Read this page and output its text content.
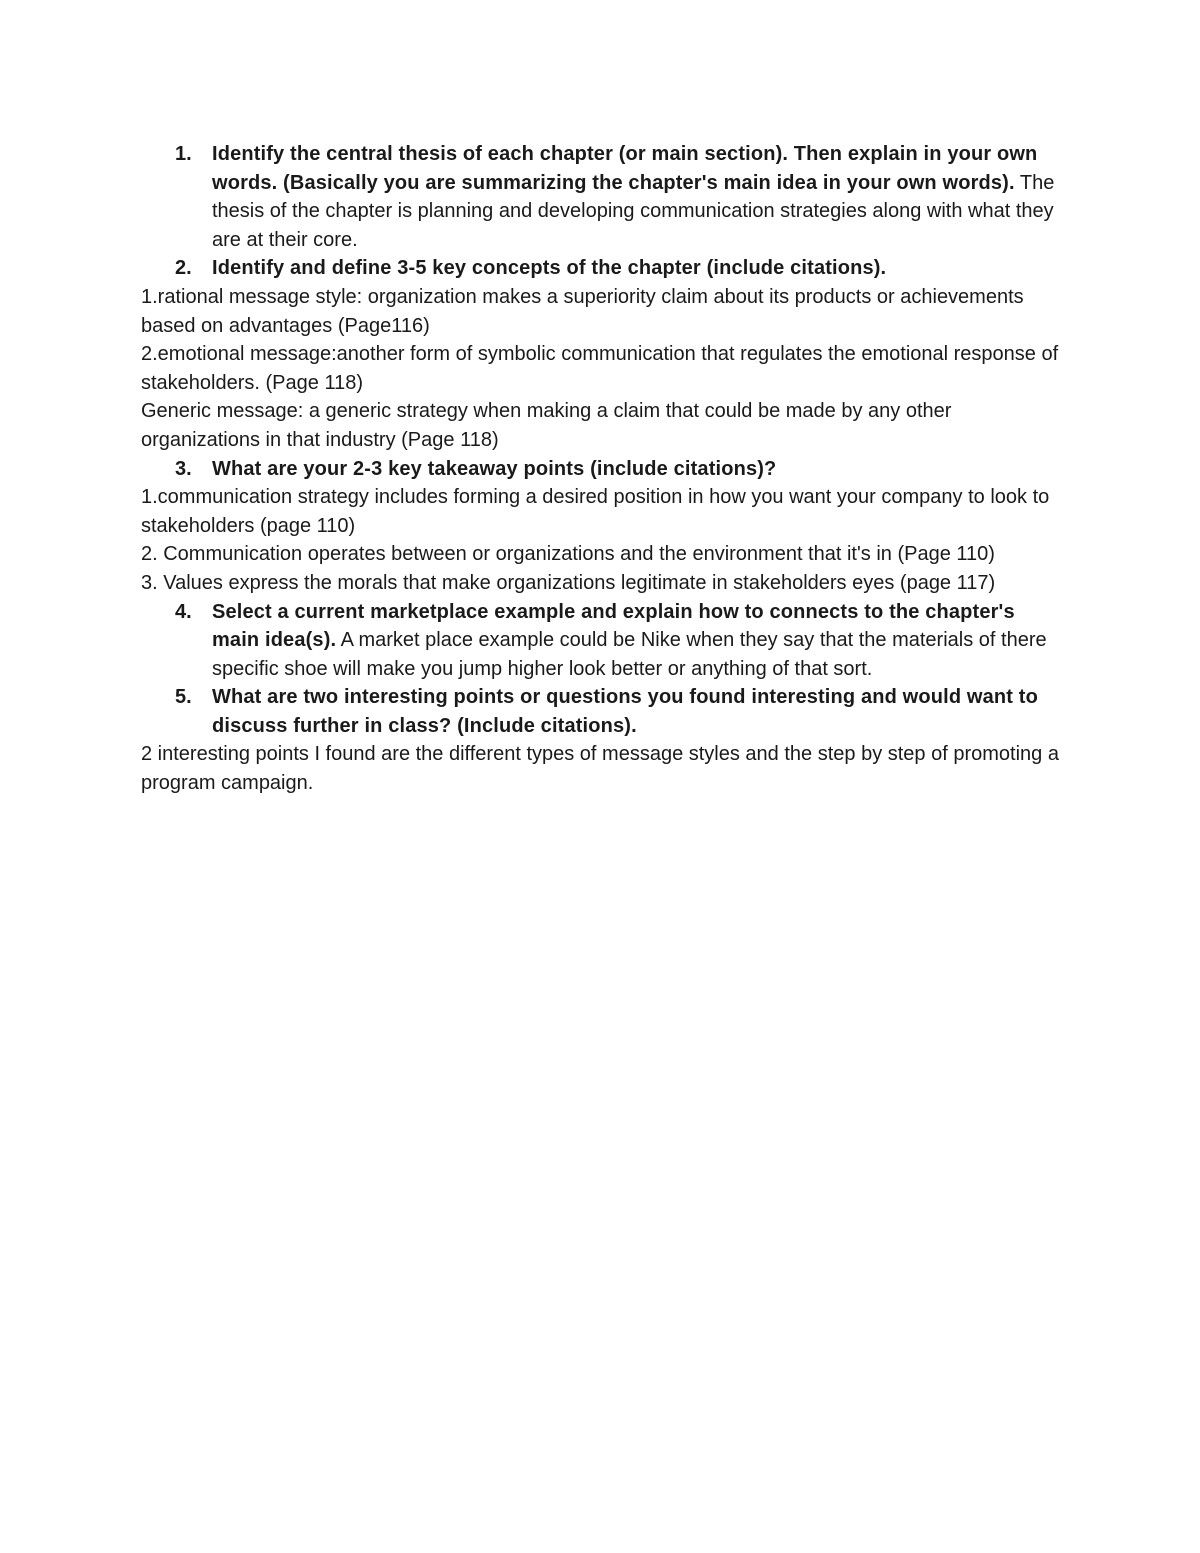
1. Identify the central thesis of each chapter (or main section). Then explain in your own words. (Basically you are summarizing the chapter's main idea in your own words). The thesis of the chapter is planning and developing communication strategies along with what they are at their core.
2. Identify and define 3-5 key concepts of the chapter (include citations).

1.rational message style: organization makes a superiority claim about its products or achievements based on advantages (Page116)

2.emotional message:another form of symbolic communication that regulates the emotional response of stakeholders. (Page 118)

Generic message: a generic strategy when making a claim that could be made by any other organizations in that industry (Page 118)

3. What are your 2-3 key takeaway points (include citations)?

1.communication strategy includes forming a desired position in how you want your company to look to stakeholders (page 110)

2. Communication operates between or organizations and the environment that it's in (Page 110)

3. Values express the morals that make organizations legitimate in stakeholders eyes (page 117)

4. Select a current marketplace example and explain how to connects to the chapter's main idea(s). A market place example could be Nike when they say that the materials of there specific shoe will make you jump higher look better or anything of that sort.
5. What are two interesting points or questions you found interesting and would want to discuss further in class? (Include citations).

2 interesting points I found are the different types of message styles and the step by step of promoting a program campaign.
